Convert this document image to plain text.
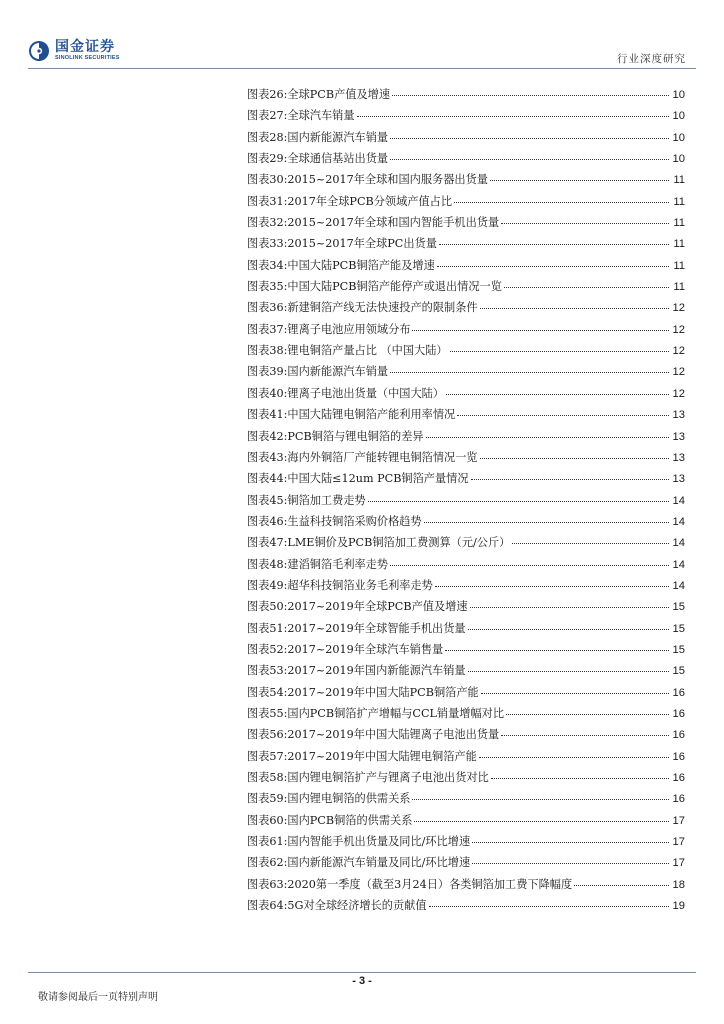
国金证券
SINOLINK SECURITIES	行业深度研究
图表26: 全球PCB产值及增速	10
图表27: 全球汽车销量	10
图表28: 国内新能源汽车销量	10
图表29: 全球通信基站出货量	10
图表30: 2015~2017年全球和国内服务器出货量	11
图表31: 2017年全球PCB分领域产值占比	11
图表32: 2015~2017年全球和国内智能手机出货量	11
图表33: 2015~2017年全球PC出货量	11
图表34: 中国大陆PCB铜箔产能及增速	11
图表35: 中国大陆PCB铜箔产能停产或退出情况一览	11
图表36: 新建铜箔产线无法快速投产的限制条件	12
图表37: 锂离子电池应用领域分布	12
图表38: 锂电铜箔产量占比 （中国大陆）	12
图表39: 国内新能源汽车销量	12
图表40: 锂离子电池出货量（中国大陆）	12
图表41: 中国大陆锂电铜箔产能利用率情况	13
图表42: PCB铜箔与锂电铜箔的差异	13
图表43: 海内外铜箔厂产能转锂电铜箔情况一览	13
图表44: 中国大陆≤12um PCB铜箔产量情况	13
图表45: 铜箔加工费走势	14
图表46: 生益科技铜箔采购价格趋势	14
图表47: LME铜价及PCB铜箔加工费测算（元/公斤）	14
图表48: 建滔铜箔毛利率走势	14
图表49: 超华科技铜箔业务毛利率走势	14
图表50: 2017~2019年全球PCB产值及增速	15
图表51: 2017~2019年全球智能手机出货量	15
图表52: 2017~2019年全球汽车销售量	15
图表53: 2017~2019年国内新能源汽车销量	15
图表54: 2017~2019年中国大陆PCB铜箔产能	16
图表55: 国内PCB铜箔扩产增幅与CCL销量增幅对比	16
图表56: 2017~2019年中国大陆锂离子电池出货量	16
图表57: 2017~2019年中国大陆锂电铜箔产能	16
图表58: 国内锂电铜箔扩产与锂离子电池出货对比	16
图表59: 国内锂电铜箔的供需关系	16
图表60: 国内PCB铜箔的供需关系	17
图表61: 国内智能手机出货量及同比/环比增速	17
图表62: 国内新能源汽车销量及同比/环比增速	17
图表63: 2020第一季度（截至3月24日）各类铜箔加工费下降幅度	18
图表64: 5G对全球经济增长的贡献值	19
- 3 -
敬请参阅最后一页特别声明
